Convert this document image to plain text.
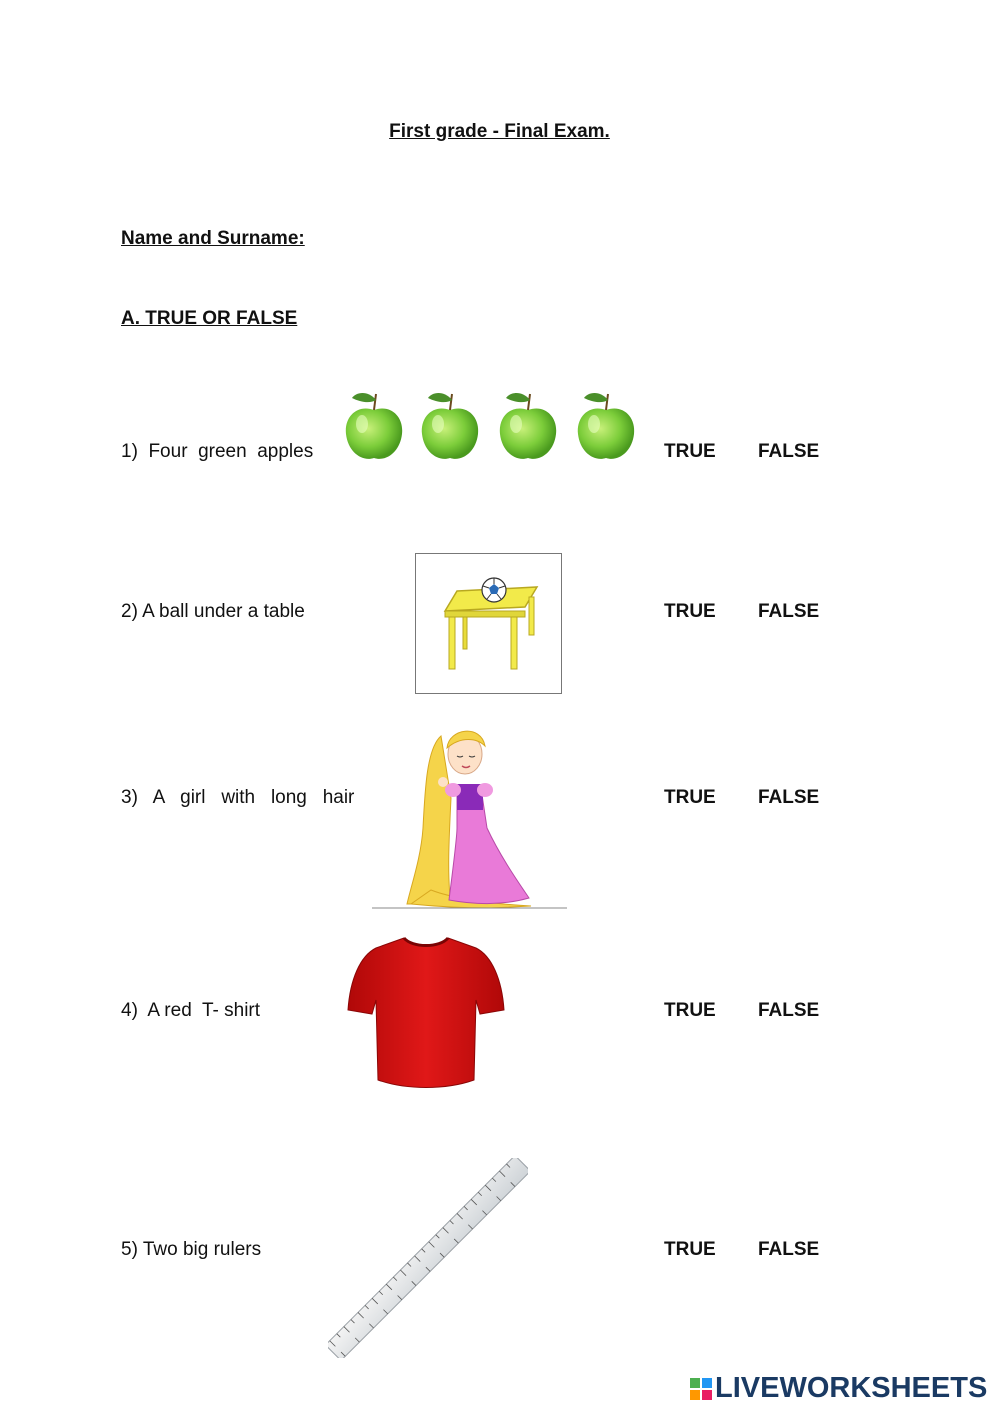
First grade - Final Exam.
Name and Surname:
A. TRUE OR FALSE
1)  Four  green  apples	TRUE FALSE
2) A ball under a table	TRUE FALSE
3)   A   girl   with   long   hair	TRUE FALSE
4)  A red  T- shirt	TRUE FALSE
5) Two big rulers	TRUE FALSE
LIVEWORKSHEETS
